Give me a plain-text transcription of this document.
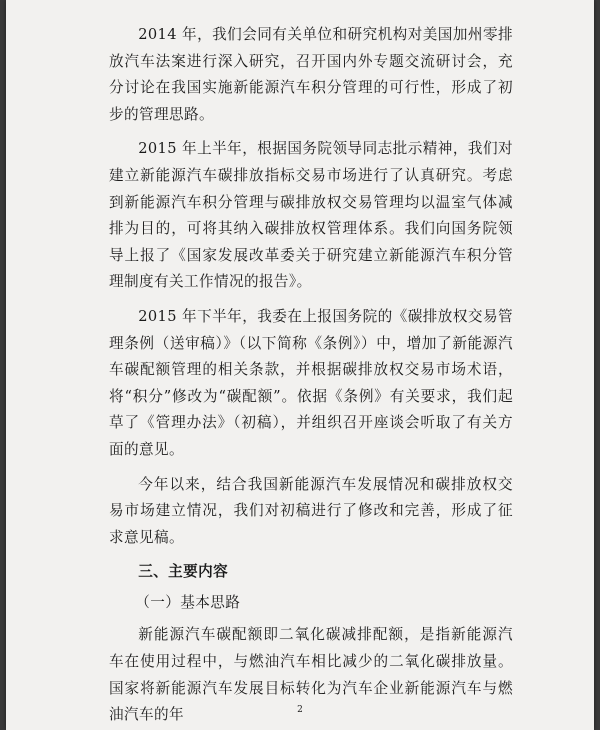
2014 年，我们会同有关单位和研究机构对美国加州零排放汽车法案进行深入研究，召开国内外专题交流研讨会，充分讨论在我国实施新能源汽车积分管理的可行性，形成了初步的管理思路。

2015 年上半年，根据国务院领导同志批示精神，我们对建立新能源汽车碳排放指标交易市场进行了认真研究。考虑到新能源汽车积分管理与碳排放权交易管理均以温室气体减排为目的，可将其纳入碳排放权管理体系。我们向国务院领导上报了《国家发展改革委关于研究建立新能源汽车积分管理制度有关工作情况的报告》。

2015 年下半年，我委在上报国务院的《碳排放权交易管理条例（送审稿）》（以下简称《条例》）中，增加了新能源汽车碳配额管理的相关条款，并根据碳排放权交易市场术语，将“积分”修改为“碳配额”。依据《条例》有关要求，我们起草了《管理办法》（初稿），并组织召开座谈会听取了有关方面的意见。

今年以来，结合我国新能源汽车发展情况和碳排放权交易市场建立情况，我们对初稿进行了修改和完善，形成了征求意见稿。

三、主要内容

（一）基本思路

新能源汽车碳配额即二氧化碳减排配额，是指新能源汽车在使用过程中，与燃油汽车相比减少的二氧化碳排放量。国家将新能源汽车发展目标转化为汽车企业新能源汽车与燃油汽车的年	2
